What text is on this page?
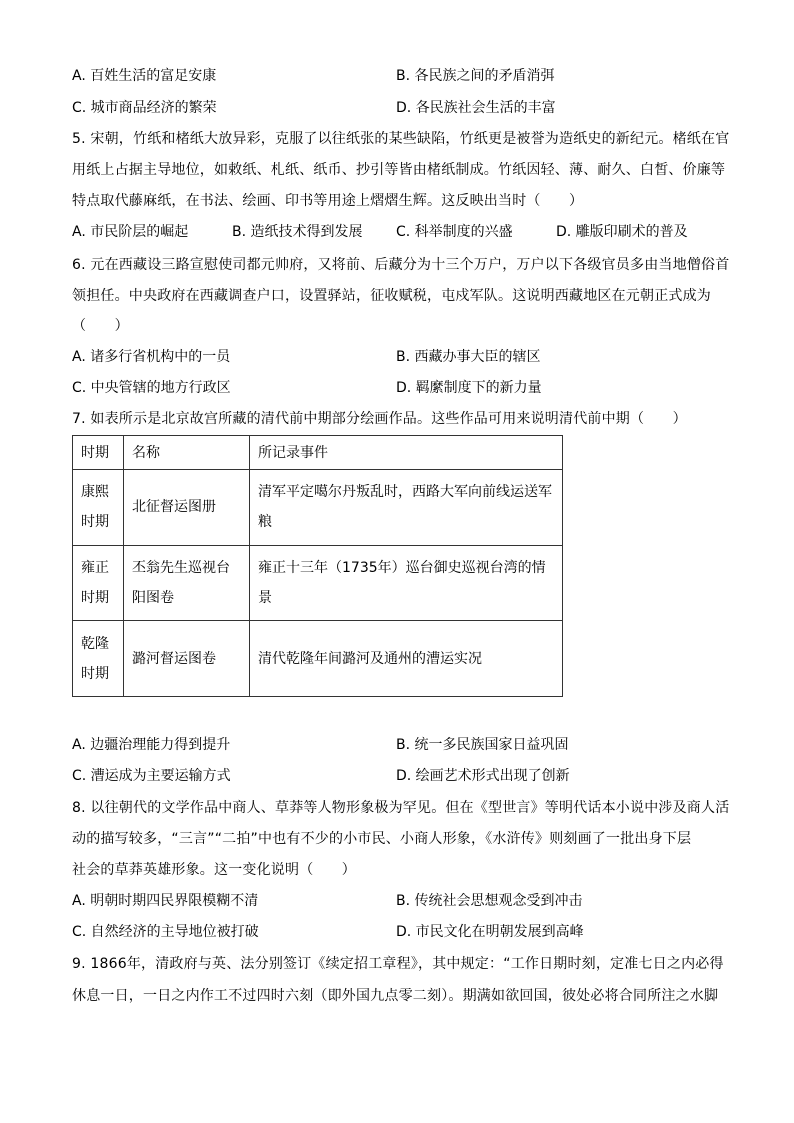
A. 百姓生活的富足安康	B. 各民族之间的矛盾消弭
C. 城市商品经济的繁荣	D. 各民族社会生活的丰富
5. 宋朝，竹纸和楮纸大放异彩，克服了以往纸张的某些缺陷，竹纸更是被誉为造纸史的新纪元。楮纸在官
用纸上占据主导地位，如敕纸、札纸、纸币、抄引等皆由楮纸制成。竹纸因轻、薄、耐久、白皙、价廉等
特点取代藤麻纸，在书法、绘画、印书等用途上熠熠生辉。这反映出当时（　　）
A. 市民阶层的崛起	B. 造纸技术得到发展 C. 科举制度的兴盛	D. 雕版印刷术的普及
6. 元在西藏设三路宣慰使司都元帅府，又将前、后藏分为十三个万户，万户以下各级官员多由当地僧俗首
领担任。中央政府在西藏调查户口，设置驿站，征收赋税，屯戍军队。这说明西藏地区在元朝正式成为
（　　）
A. 诸多行省机构中的一员	B. 西藏办事大臣的辖区
C. 中央管辖的地方行政区	D. 羁縻制度下的新力量
7. 如表所示是北京故宫所藏的清代前中期部分绘画作品。这些作品可用来说明清代前中期（　　）
时期	名称	所记录事件
康熙时期	北征督运图册	清军平定噶尔丹叛乱时，西路大军向前线运送军粮
雍正时期	丕翁先生巡视台阳图卷	雍正十三年（1735年）巡台御史巡视台湾的情景
乾隆时期	潞河督运图卷	清代乾隆年间潞河及通州的漕运实况
A. 边疆治理能力得到提升	B. 统一多民族国家日益巩固
C. 漕运成为主要运输方式	D. 绘画艺术形式出现了创新
8. 以往朝代的文学作品中商人、草莽等人物形象极为罕见。但在《型世言》等明代话本小说中涉及商人活
动的描写较多，“三言”“二拍”中也有不少的小市民、小商人形象，《水浒传》则刻画了一批出身下层
社会的草莽英雄形象。这一变化说明（　　）
A. 明朝时期四民界限模糊不清	B. 传统社会思想观念受到冲击
C. 自然经济的主导地位被打破	D. 市民文化在明朝发展到高峰
9. 1866年，清政府与英、法分别签订《续定招工章程》，其中规定：“工作日期时刻，定准七日之内必得
休息一日，一日之内作工不过四时六刻（即外国九点零二刻）。期满如欲回国，彼处必将合同所注之水脚
